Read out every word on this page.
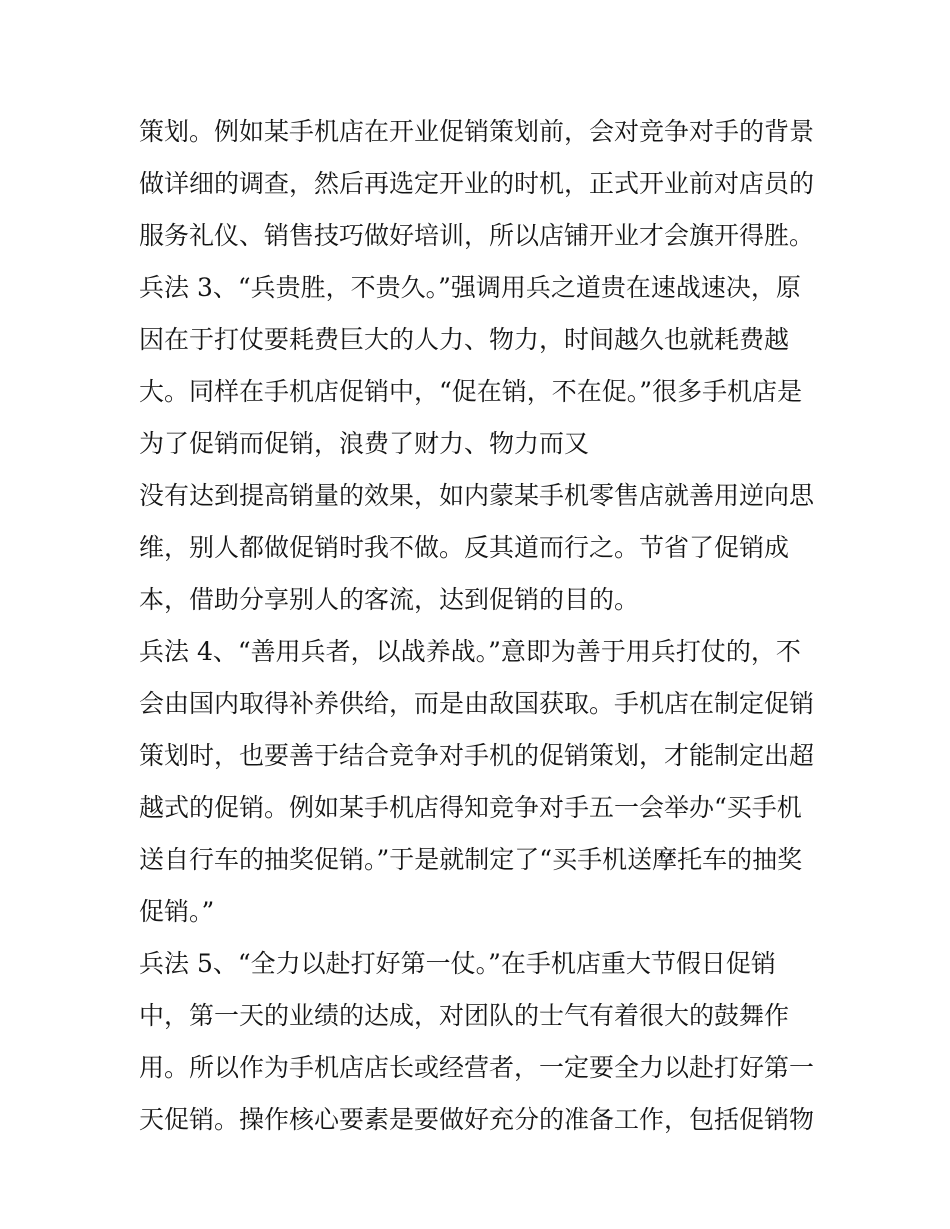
策划。例如某手机店在开业促销策划前，会对竞争对手的背景
做详细的调查，然后再选定开业的时机，正式开业前对店员的
服务礼仪、销售技巧做好培训，所以店铺开业才会旗开得胜。
兵法 3、“兵贵胜，不贵久。”强调用兵之道贵在速战速决，原
因在于打仗要耗费巨大的人力、物力，时间越久也就耗费越
大。同样在手机店促销中，“促在销，不在促。”很多手机店是
为了促销而促销，浪费了财力、物力而又
没有达到提高销量的效果，如内蒙某手机零售店就善用逆向思
维，别人都做促销时我不做。反其道而行之。节省了促销成
本，借助分享别人的客流，达到促销的目的。
兵法 4、“善用兵者，以战养战。”意即为善于用兵打仗的，不
会由国内取得补养供给，而是由敌国获取。手机店在制定促销
策划时，也要善于结合竞争对手机的促销策划，才能制定出超
越式的促销。例如某手机店得知竞争对手五一会举办“买手机
送自行车的抽奖促销。”于是就制定了“买手机送摩托车的抽奖
促销。”
兵法 5、“全力以赴打好第一仗。”在手机店重大节假日促销
中，第一天的业绩的达成，对团队的士气有着很大的鼓舞作
用。所以作为手机店店长或经营者，一定要全力以赴打好第一
天促销。操作核心要素是要做好充分的准备工作，包括促销物
